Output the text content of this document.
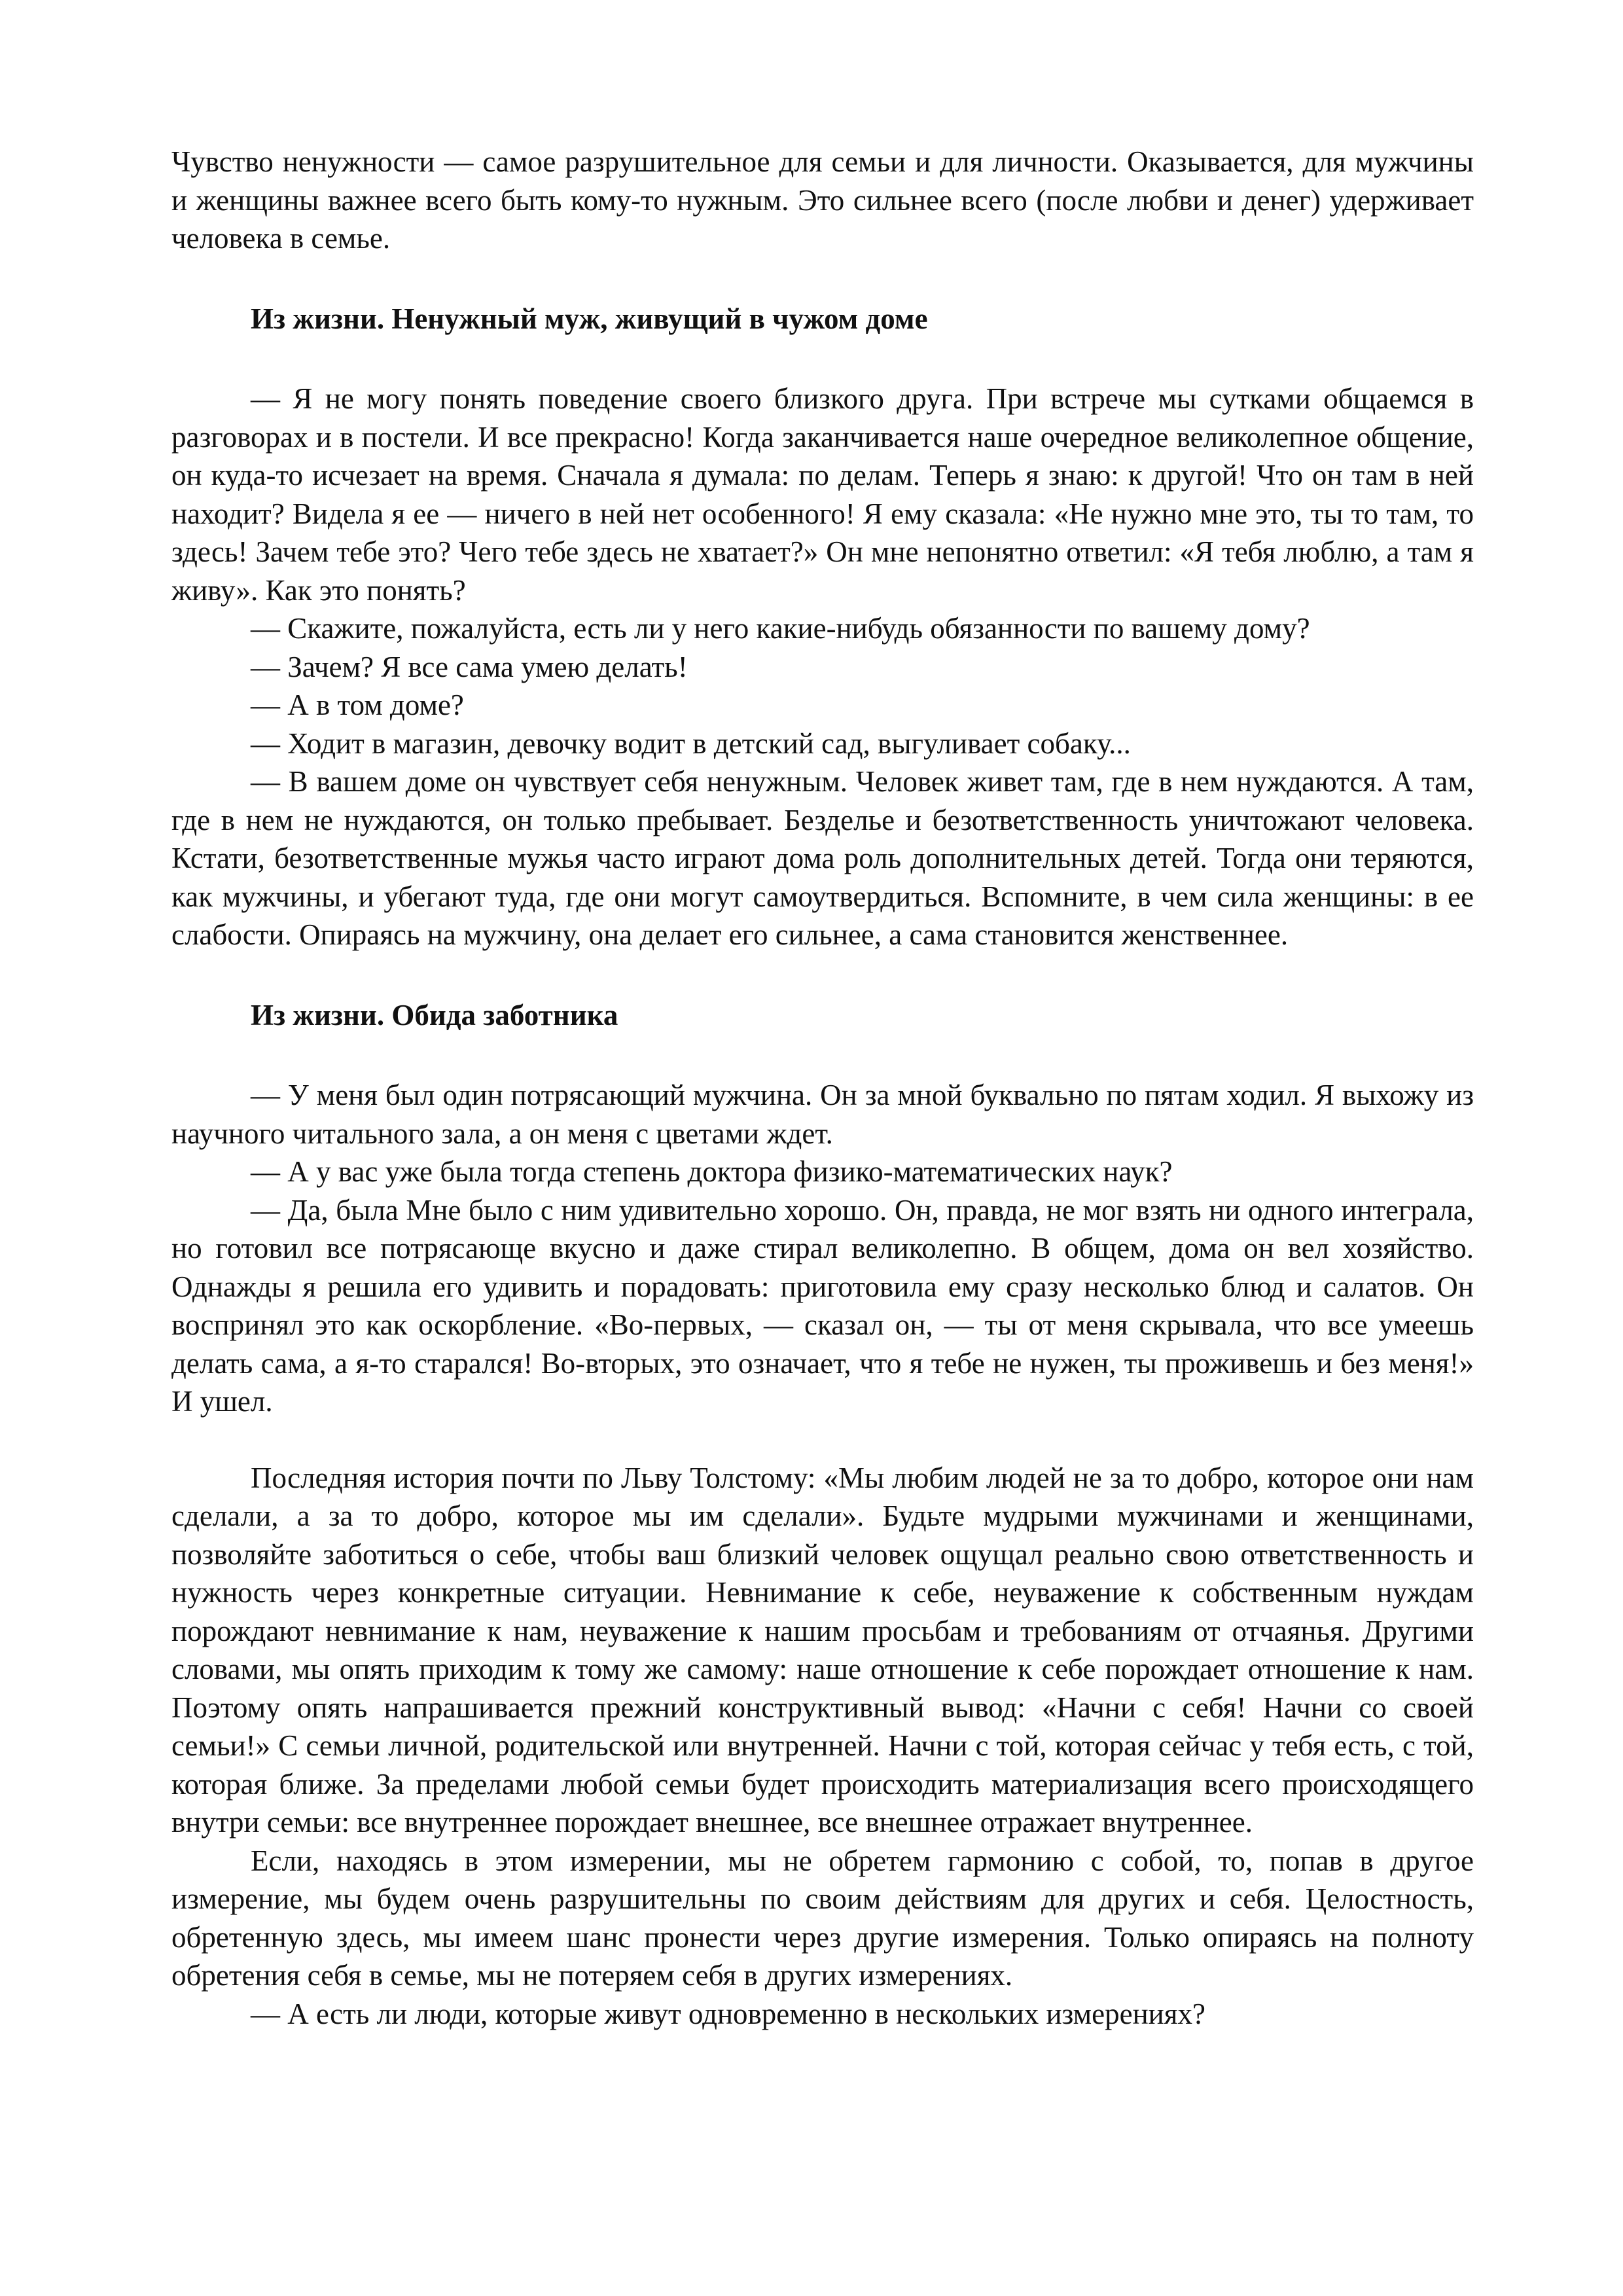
Чувство ненужности — самое разрушительное для семьи и для личности. Оказывается, для мужчины и женщины важнее всего быть кому-то нужным. Это сильнее всего (после любви и денег) удерживает человека в семье.

Из жизни. Ненужный муж, живущий в чужом доме

— Я не могу понять поведение своего близкого друга. При встрече мы сутками общаемся в разговорах и в постели. И все прекрасно! Когда заканчивается наше очередное великолепное общение, он куда-то исчезает на время. Сначала я думала: по делам. Теперь я знаю: к другой! Что он там в ней находит? Видела я ее — ничего в ней нет особенного! Я ему сказала: «Не нужно мне это, ты то там, то здесь! Зачем тебе это? Чего тебе здесь не хватает?» Он мне непонятно ответил: «Я тебя люблю, а там я живу». Как это понять?

— Скажите, пожалуйста, есть ли у него какие-нибудь обязанности по вашему дому?

— Зачем? Я все сама умею делать!

— А в том доме?

— Ходит в магазин, девочку водит в детский сад, выгуливает собаку...

— В вашем доме он чувствует себя ненужным. Человек живет там, где в нем нуждаются. А там, где в нем не нуждаются, он только пребывает. Безделье и безответственность уничтожают человека. Кстати, безответственные мужья часто играют дома роль дополнительных детей. Тогда они теряются, как мужчины, и убегают туда, где они могут самоутвердиться. Вспомните, в чем сила женщины: в ее слабости. Опираясь на мужчину, она делает его сильнее, а сама становится женственнее.

Из жизни. Обида заботника

— У меня был один потрясающий мужчина. Он за мной буквально по пятам ходил. Я выхожу из научного читального зала, а он меня с цветами ждет.

— А у вас уже была тогда степень доктора физико-математических наук?

— Да, была Мне было с ним удивительно хорошо. Он, правда, не мог взять ни одного интеграла, но готовил все потрясающе вкусно и даже стирал великолепно. В общем, дома он вел хозяйство. Однажды я решила его удивить и порадовать: приготовила ему сразу несколько блюд и салатов. Он воспринял это как оскорбление. «Во-первых, — сказал он, — ты от меня скрывала, что все умеешь делать сама, а я-то старался! Во-вторых, это означает, что я тебе не нужен, ты проживешь и без меня!» И ушел.

Последняя история почти по Льву Толстому: «Мы любим людей не за то добро, которое они нам сделали, а за то добро, которое мы им сделали». Будьте мудрыми мужчинами и женщинами, позволяйте заботиться о себе, чтобы ваш близкий человек ощущал реально свою ответственность и нужность через конкретные ситуации. Невнимание к себе, неуважение к собственным нуждам порождают невнимание к нам, неуважение к нашим просьбам и требованиям от отчаянья. Другими словами, мы опять приходим к тому же самому: наше отношение к себе порождает отношение к нам. Поэтому опять напрашивается прежний конструктивный вывод: «Начни с себя! Начни со своей семьи!» С семьи личной, родительской или внутренней. Начни с той, которая сейчас у тебя есть, с той, которая ближе. За пределами любой семьи будет происходить материализация всего происходящего внутри семьи: все внутреннее порождает внешнее, все внешнее отражает внутреннее.

Если, находясь в этом измерении, мы не обретем гармонию с собой, то, попав в другое измерение, мы будем очень разрушительны по своим действиям для других и себя. Целостность, обретенную здесь, мы имеем шанс пронести через другие измерения. Только опираясь на полноту обретения себя в семье, мы не потеряем себя в других измерениях.

— А есть ли люди, которые живут одновременно в нескольких измерениях?
